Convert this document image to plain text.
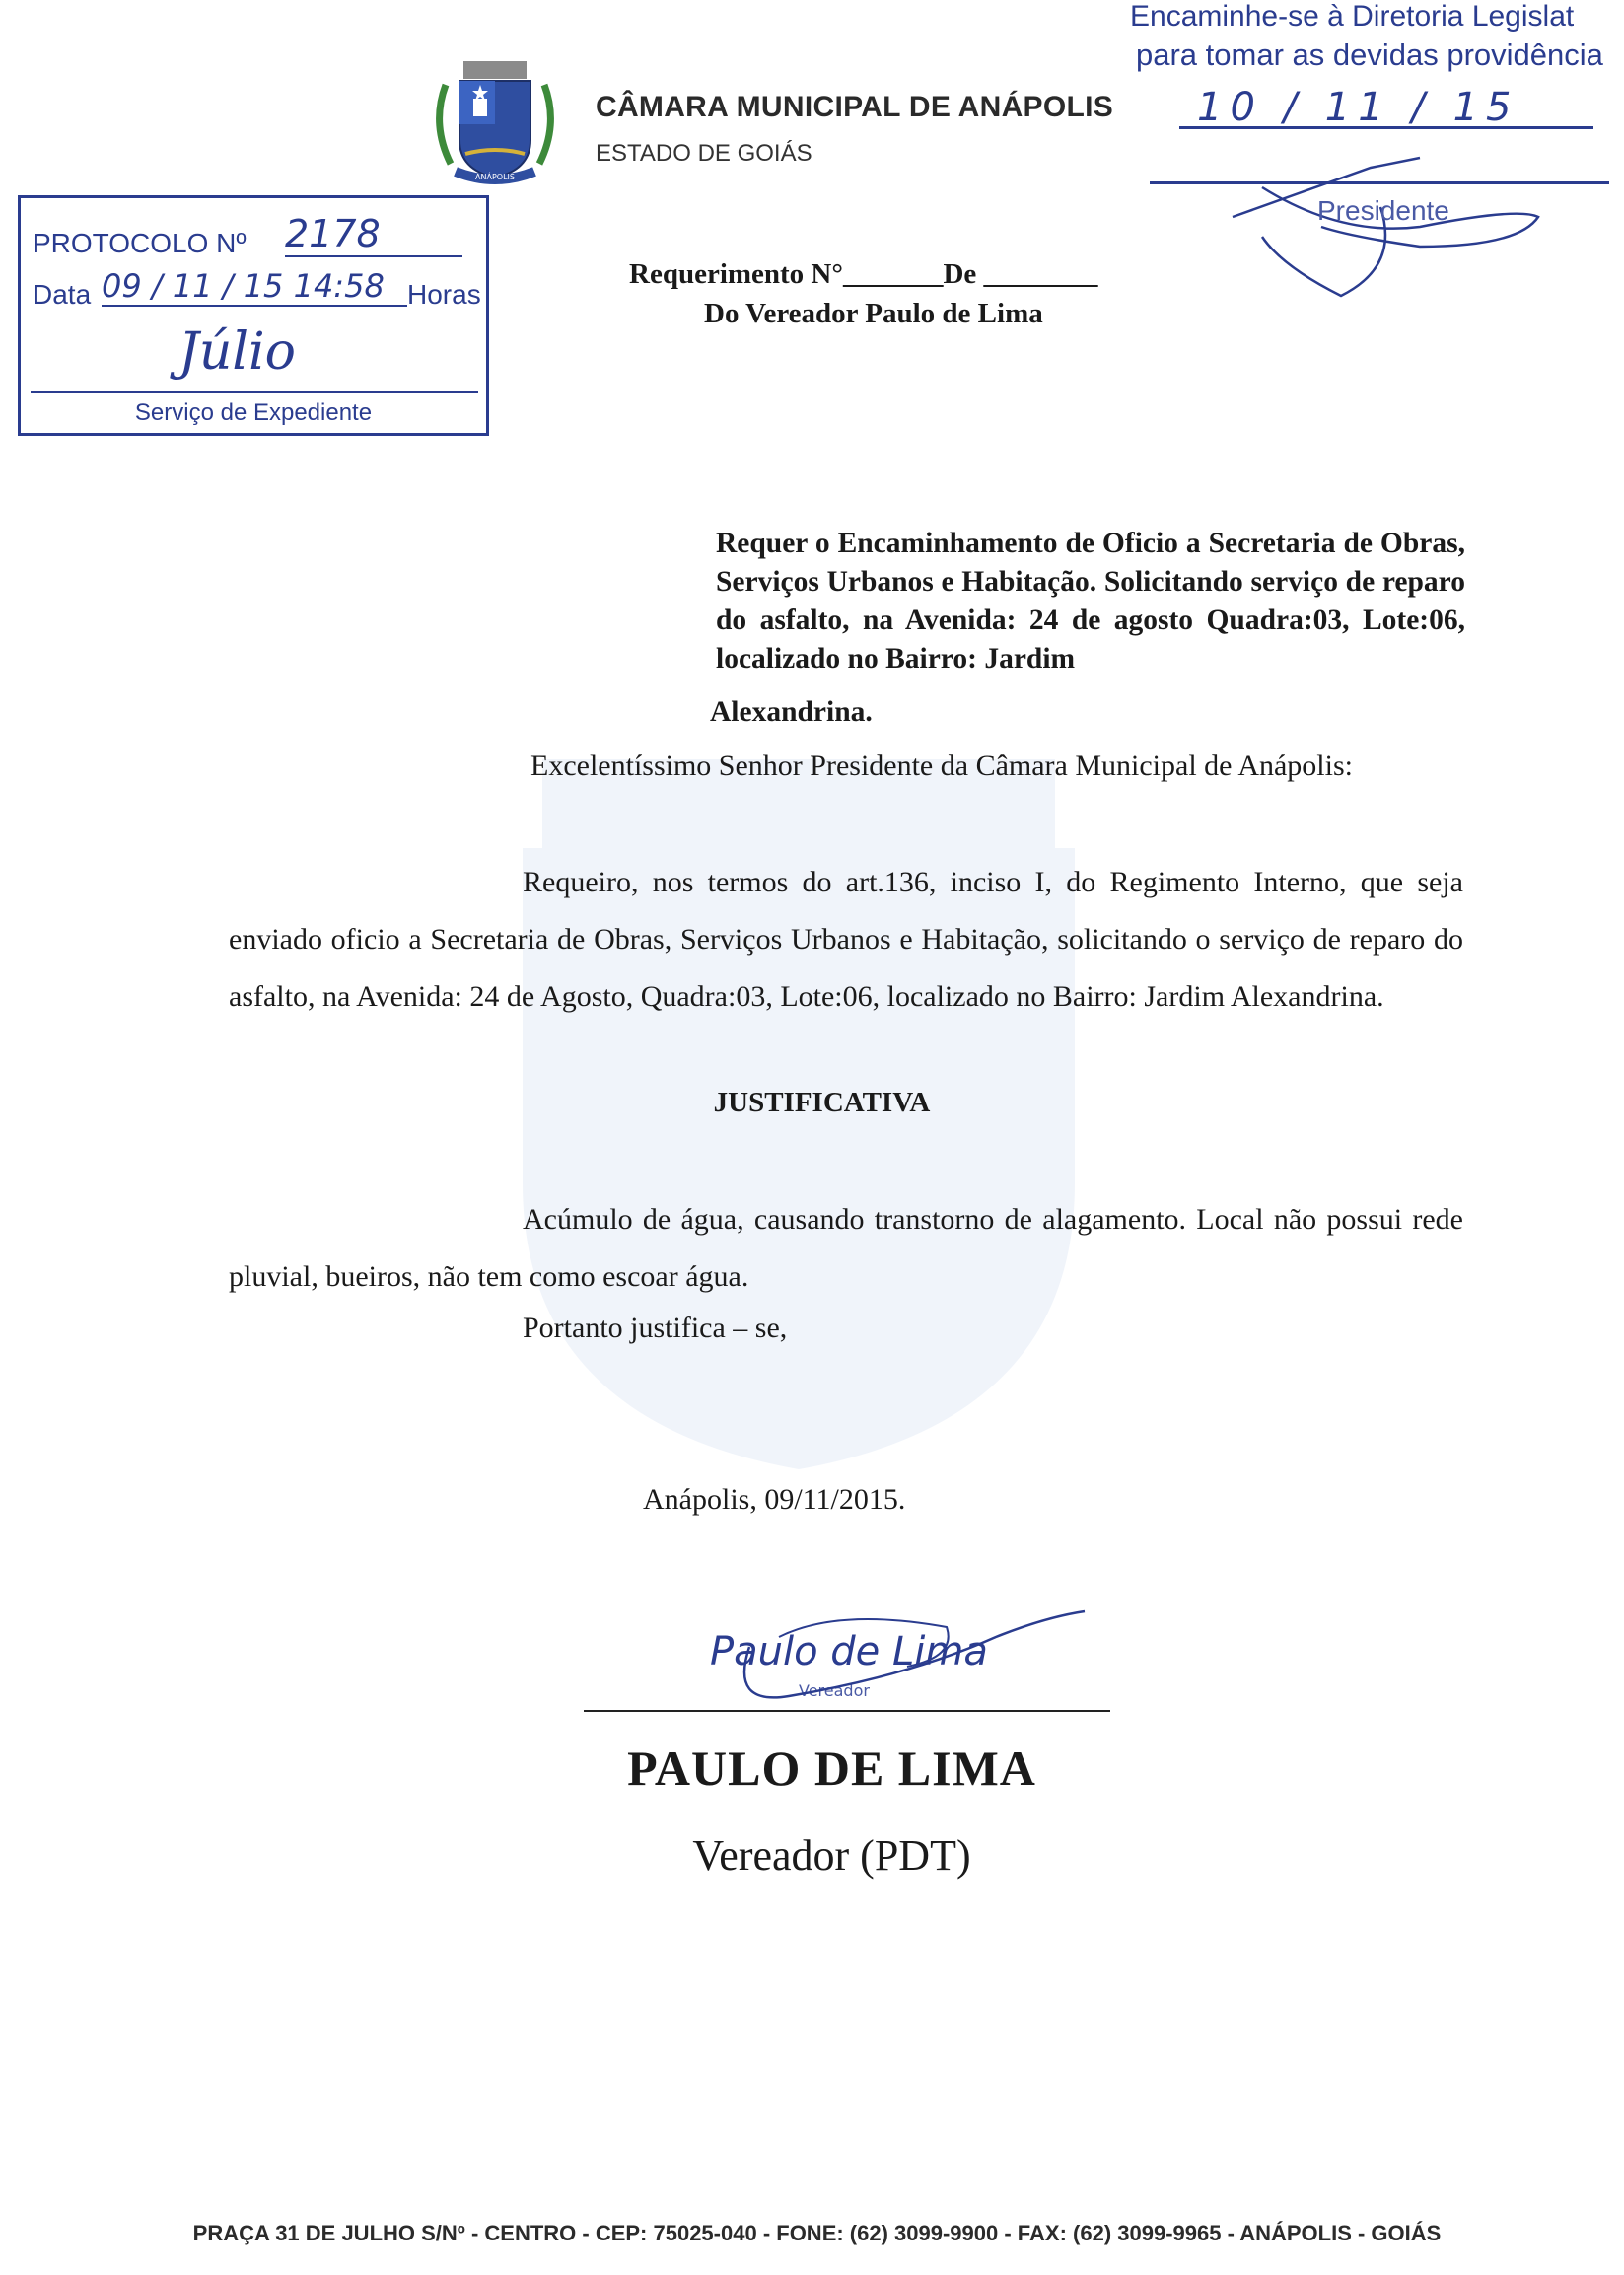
ANÁPOLIS
CÂMARA MUNICIPAL DE ANÁPOLIS
ESTADO DE GOIÁS
Encaminhe-se à Diretoria Legislat
para tomar as devidas providência
10 / 11 / 15
Presidente
PROTOCOLO Nº 2178
Data 09 / 11 / 15 14:58 Horas
Júlio
Serviço de Expediente
Requerimento N°_______De ________
Do Vereador Paulo de Lima
Requer o Encaminhamento de Oficio a Secretaria de Obras, Serviços Urbanos e Habitação. Solicitando serviço de reparo do asfalto, na Avenida: 24 de agosto Quadra:03, Lote:06, localizado no Bairro: Jardim
Alexandrina.
Excelentíssimo Senhor Presidente da Câmara Municipal de Anápolis:
Requeiro, nos termos do art.136, inciso I, do Regimento Interno, que seja enviado oficio a Secretaria de Obras, Serviços Urbanos e Habitação, solicitando o serviço de reparo do asfalto, na Avenida: 24 de Agosto, Quadra:03, Lote:06, localizado no Bairro: Jardim Alexandrina.
JUSTIFICATIVA
Acúmulo de água, causando transtorno de alagamento. Local não possui rede pluvial, bueiros, não tem como escoar água.
Portanto justifica – se,
Anápolis, 09/11/2015.
Paulo de Lima
Vereador
PAULO DE LIMA
Vereador (PDT)
PRAÇA 31 DE JULHO S/Nº - CENTRO - CEP: 75025-040 - FONE: (62) 3099-9900 - FAX: (62) 3099-9965 - ANÁPOLIS - GOIÁS
